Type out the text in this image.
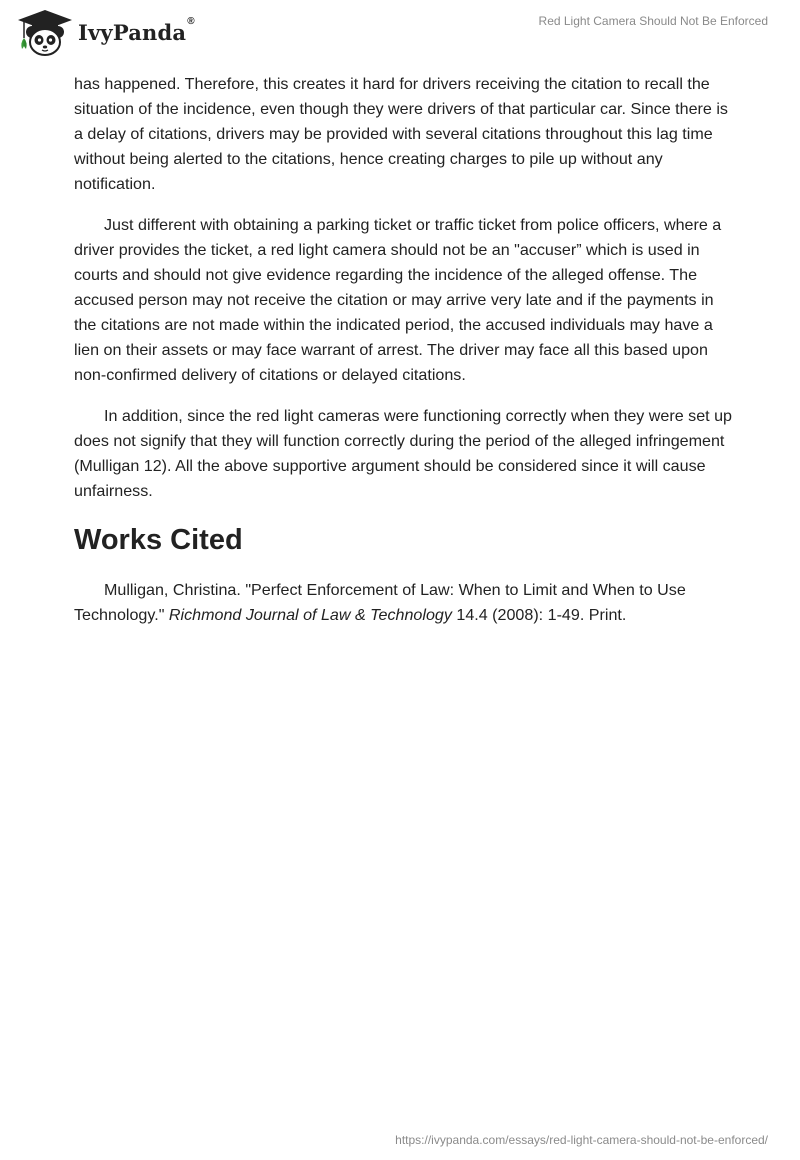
IvyPanda®	Red Light Camera Should Not Be Enforced

has happened. Therefore, this creates it hard for drivers receiving the citation to recall the situation of the incidence, even though they were drivers of that particular car. Since there is a delay of citations, drivers may be provided with several citations throughout this lag time without being alerted to the citations, hence creating charges to pile up without any notification.

Just different with obtaining a parking ticket or traffic ticket from police officers, where a driver provides the ticket, a red light camera should not be an "accuser” which is used in courts and should not give evidence regarding the incidence of the alleged offense. The accused person may not receive the citation or may arrive very late and if the payments in the citations are not made within the indicated period, the accused individuals may have a lien on their assets or may face warrant of arrest. The driver may face all this based upon non-confirmed delivery of citations or delayed citations.

In addition, since the red light cameras were functioning correctly when they were set up does not signify that they will function correctly during the period of the alleged infringement (Mulligan 12). All the above supportive argument should be considered since it will cause unfairness.

Works Cited

Mulligan, Christina. "Perfect Enforcement of Law: When to Limit and When to Use Technology." Richmond Journal of Law & Technology 14.4 (2008): 1-49. Print.

https://ivypanda.com/essays/red-light-camera-should-not-be-enforced/
